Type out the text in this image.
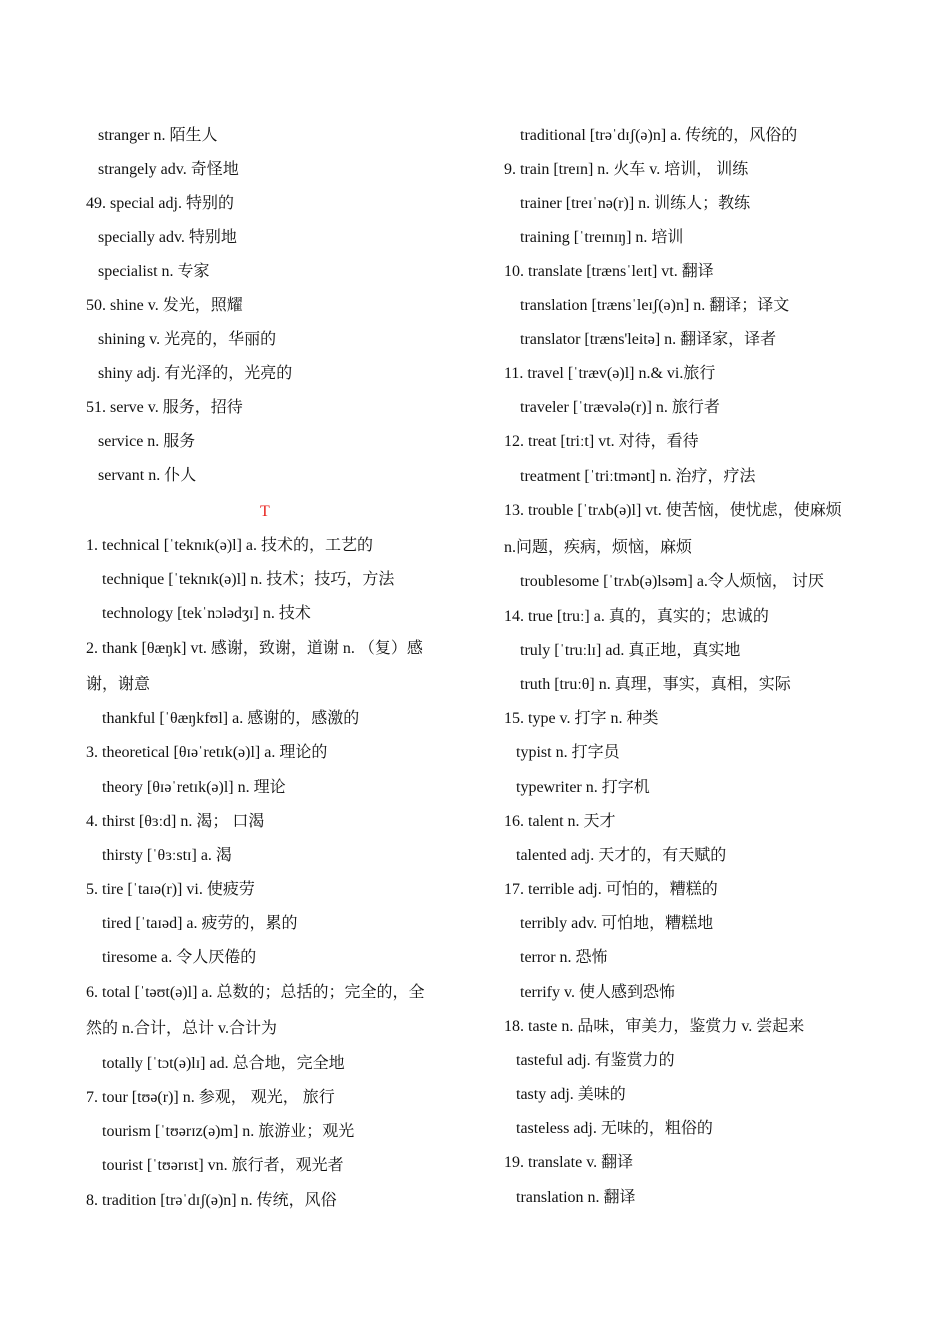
stranger n. 陌生人
strangely adv. 奇怪地
49. special adj. 特别的
specially adv. 特别地
specialist n. 专家
50. shine v. 发光，照耀
shining v. 光亮的，华丽的
shiny adj. 有光泽的，光亮的
51. serve v. 服务，招待
service n. 服务
servant n. 仆人
T
1. technical [ˈteknɪk(ə)l] a. 技术的，工艺的
technique [ˈteknɪk(ə)l] n. 技术；技巧，方法
technology [tekˈnɔlədʒɪ] n. 技术
2. thank [θæŋk] vt. 感谢，致谢，道谢 n. （复）感
谢，谢意
thankful [ˈθæŋkfʊl] a. 感谢的，感激的
3. theoretical [θɪəˈretɪk(ə)l] a. 理论的
theory [θɪəˈretɪk(ə)l] n. 理论
4. thirst [θɜːd] n. 渴； 口渴
thirsty [ˈθɜːstɪ] a. 渴
5. tire [ˈtaɪə(r)] vi. 使疲劳
tired [ˈtaɪəd] a. 疲劳的，累的
tiresome a. 令人厌倦的
6. total [ˈtəʊt(ə)l] a. 总数的；总括的；完全的，全
然的 n.合计，总计 v.合计为
totally [ˈtɔt(ə)lɪ] ad. 总合地，完全地
7. tour [tʊə(r)] n. 参观， 观光， 旅行
tourism [ˈtʊərɪz(ə)m] n. 旅游业；观光
tourist [ˈtʊərɪst] vn. 旅行者，观光者
8. tradition [trəˈdɪʃ(ə)n] n. 传统，风俗
traditional [trəˈdɪʃ(ə)n] a. 传统的，风俗的
9. train [treɪn] n. 火车 v. 培训， 训练
trainer [treɪˈnə(r)] n. 训练人；教练
training [ˈtreɪnɪŋ] n. 培训
10. translate [trænsˈleɪt] vt. 翻译
translation [trænsˈleɪʃ(ə)n] n. 翻译；译文
translator [træns'leitə] n. 翻译家，译者
11. travel [ˈtræv(ə)l] n.& vi.旅行
traveler [ˈtrævələ(r)] n. 旅行者
12. treat [triːt] vt. 对待，看待
treatment [ˈtriːtmənt] n. 治疗，疗法
13. trouble [ˈtrʌb(ə)l] vt. 使苦恼，使忧虑，使麻烦
n.问题，疾病，烦恼，麻烦
troublesome [ˈtrʌb(ə)lsəm] a.令人烦恼， 讨厌
14. true [truː] a. 真的，真实的；忠诚的
truly [ˈtruːlɪ] ad. 真正地，真实地
truth [truːθ] n. 真理，事实，真相，实际
15. type v. 打字 n. 种类
typist n. 打字员
typewriter n. 打字机
16. talent n. 天才
talented adj. 天才的，有天赋的
17. terrible adj. 可怕的，糟糕的
terribly adv. 可怕地，糟糕地
terror n. 恐怖
terrify v. 使人感到恐怖
18. taste n. 品味，审美力，鉴赏力 v. 尝起来
tasteful adj. 有鉴赏力的
tasty adj. 美味的
tasteless adj. 无味的，粗俗的
19. translate v. 翻译
translation n. 翻译
